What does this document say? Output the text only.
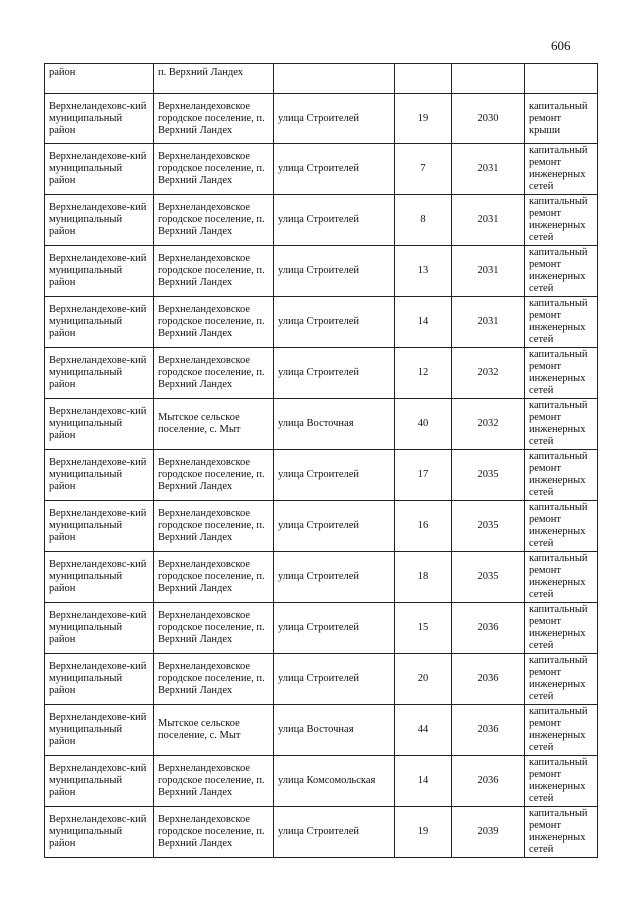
606
район	п. Верхний Ландех				
Верхнеландеховс-кий муниципальный район	Верхнеландеховское городское поселение, п. Верхний Ландех	улица Строителей	19	2030	капитальный ремонт крыши
Верхнеландехове-кий муниципальный район	Верхнеландеховское городское поселение, п. Верхний Ландех	улица Строителей	7	2031	капитальный ремонт инженерных сетей
Верхнеландехове-кий муниципальный район	Верхнеландеховское городское поселение, п. Верхний Ландех	улица Строителей	8	2031	капитальный ремонт инженерных сетей
Верхнеландехове-кий муниципальный район	Верхнеландеховское городское поселение, п. Верхний Ландех	улица Строителей	13	2031	капитальный ремонт инженерных сетей
Верхнеландехове-кий муниципальный район	Верхнеландеховское городское поселение, п. Верхний Ландех	улица Строителей	14	2031	капитальный ремонт инженерных сетей
Верхнеландехове-кий муниципальный район	Верхнеландеховское городское поселение, п. Верхний Ландех	улица Строителей	12	2032	капитальный ремонт инженерных сетей
Верхнеландеховс-кий муниципальный район	Мытское сельское поселение, с. Мыт	улица Восточная	40	2032	капитальный ремонт инженерных сетей
Верхнеландехове-кий муниципальный район	Верхнеландеховское городское поселение, п. Верхний Ландех	улица Строителей	17	2035	капитальный ремонт инженерных сетей
Верхнеландехове-кий муниципальный район	Верхнеландеховское городское поселение, п. Верхний Ландех	улица Строителей	16	2035	капитальный ремонт инженерных сетей
Верхнеландеховс-кий муниципальный район	Верхнеландеховское городское поселение, п. Верхний Ландех	улица Строителей	18	2035	капитальный ремонт инженерных сетей
Верхнеландехове-кий муниципальный район	Верхнеландеховское городское поселение, п. Верхний Ландех	улица Строителей	15	2036	капитальный ремонт инженерных сетей
Верхнеландехове-кий муниципальный район	Верхнеландеховское городское поселение, п. Верхний Ландех	улица Строителей	20	2036	капитальный ремонт инженерных сетей
Верхнеландехове-кий муниципальный район	Мытское сельское поселение, с. Мыт	улица Восточная	44	2036	капитальный ремонт инженерных сетей
Верхнеландеховс-кий муниципальный район	Верхнеландеховское городское поселение, п. Верхний Ландех	улица Комсомольская	14	2036	капитальный ремонт инженерных сетей
Верхнеландеховс-кий муниципальный район	Верхнеландеховское городское поселение, п. Верхний Ландех	улица Строителей	19	2039	капитальный ремонт инженерных сетей
